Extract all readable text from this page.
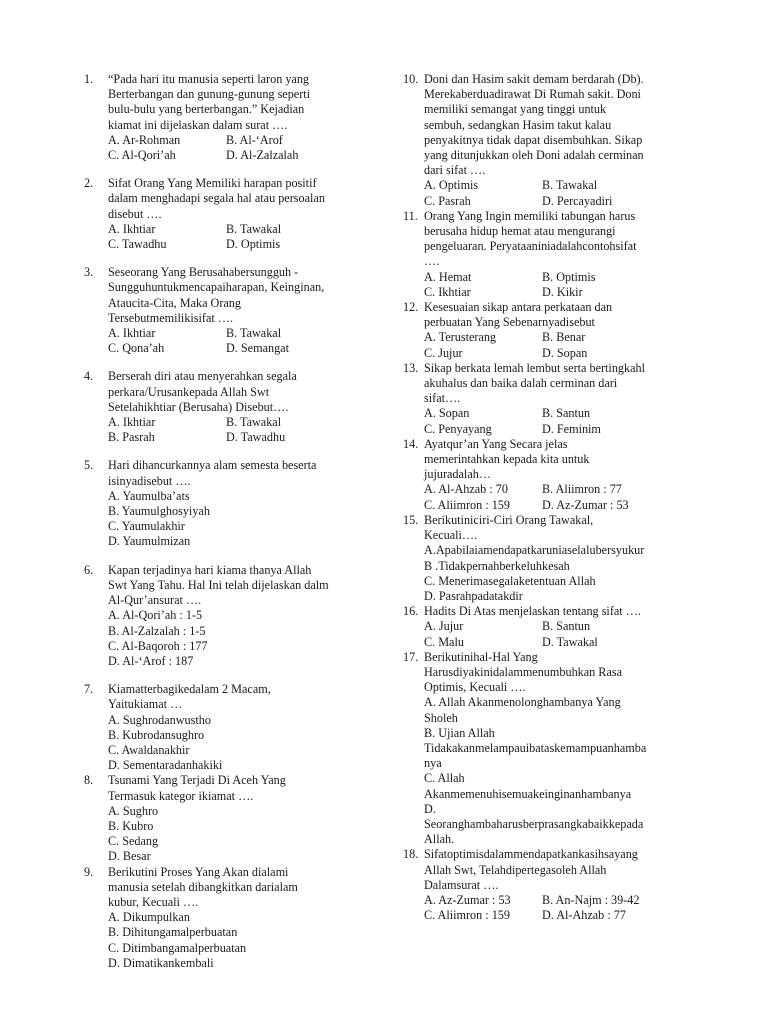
1. “Pada hari itu manusia seperti laron yang
Berterbangan dan gunung-gunung seperti
bulu-bulu yang berterbangan.” Kejadian
kiamat ini dijelaskan dalam surat ….
A. Ar-Rohman	B. Al-‘Arof
C. Al-Qori’ah	D. Al-Zalzalah
2. Sifat Orang Yang Memiliki harapan positif
dalam menghadapi segala hal atau persoalan
disebut ….
A. Ikhtiar	B. Tawakal
C. Tawadhu	D. Optimis
3. Seseorang Yang Berusahabersungguh -
Sungguhuntukmencapaiharapan, Keinginan,
Ataucita-Cita, Maka Orang
Tersebutmemilikisifat ….
A. Ikhtiar	B. Tawakal
C. Qona’ah	D. Semangat
4. Berserah diri atau menyerahkan segala
perkara/Urusankepada Allah Swt
Setelahikhtiar (Berusaha) Disebut….
A. Ikhtiar	B. Tawakal
B. Pasrah	D. Tawadhu
5. Hari dihancurkannya alam semesta beserta
isinyadisebut ….
A. Yaumulba’ats
B. Yaumulghosyiyah
C. Yaumulakhir
D. Yaumulmizan
6. Kapan terjadinya hari kiama thanya Allah
Swt Yang Tahu. Hal Ini telah dijelaskan dalm
Al-Qur’ansurat ….
A. Al-Qori’ah : 1-5
B. Al-Zalzalah : 1-5
C. Al-Baqoroh : 177
D. Al-‘Arof : 187
7. Kiamatterbagikedalam 2 Macam,
Yaitukiamat …
A. Sughrodanwustho
B. Kubrodansughro
C. Awaldanakhir
D. Sementaradanhakiki
8. Tsunami Yang Terjadi Di Aceh Yang
Termasuk kategor ikiamat ….
A. Sughro
B. Kubro
C. Sedang
D. Besar
9. Berikutini Proses Yang Akan dialami
manusia setelah dibangkitkan darialam
kubur, Kecuali ….
A. Dikumpulkan
B. Dihitungamalperbuatan
C. Ditimbangamalperbuatan
D. Dimatikankembali
10. Doni dan Hasim sakit demam berdarah (Db).
Merekaberduadirawat Di Rumah sakit. Doni
memiliki semangat yang tinggi untuk
sembuh, sedangkan Hasim takut kalau
penyakitnya tidak dapat disembuhkan. Sikap
yang ditunjukkan oleh Doni adalah cerminan
dari sifat ….
A. Optimis	B. Tawakal
C. Pasrah	D. Percayadiri
11. Orang Yang Ingin memiliki tabungan harus
berusaha hidup hemat atau mengurangi
pengeluaran. Peryataaniniadalahcontohsifat
….
A. Hemat	B. Optimis
C. Ikhtiar	D. Kikir
12. Kesesuaian sikap antara perkataan dan
perbuatan Yang Sebenarnyadisebut
A. Terusterang	B. Benar
C. Jujur	D. Sopan
13. Sikap berkata lemah lembut serta bertingkahl
akuhalus dan baika dalah cerminan dari
sifat….
A. Sopan	B. Santun
C. Penyayang	D. Feminim
14. Ayatqur’an Yang Secara jelas
memerintahkan kepada kita untuk
jujuradalah…
A. Al-Ahzab : 70	B. Aliimron : 77
C. Aliimron : 159	D. Az-Zumar : 53
15. Berikutiniciri-Ciri Orang Tawakal,
Kecuali….
A.Apabilaiamendapatkaruniaselalubersyukur
B .Tidakpernahberkeluhkesah
C. Menerimasegalaketentuan Allah
D. Pasrahpadatakdir
16. Hadits Di Atas menjelaskan tentang sifat ….
A. Jujur	B. Santun
C. Malu	D. Tawakal
17. Berikutinihal-Hal Yang
Harusdiyakinidalammenumbuhkan Rasa
Optimis, Kecuali ….
A. Allah Akanmenolonghambanya Yang
Sholeh
B. Ujian Allah
Tidakakanmelampauibataskemampuanhamba
nya
C. Allah
Akanmemenuhisemuakeinginanhambanya
D.
Seoranghambaharusberprasangkabaikkepada
Allah.
18. Sifatoptimisdalammendapatkankasihsayang
Allah Swt, Telahdipertegasoleh Allah
Dalamsurat ….
A. Az-Zumar : 53	B. An-Najm : 39-42
C. Aliimron : 159	D. Al-Ahzab : 77
